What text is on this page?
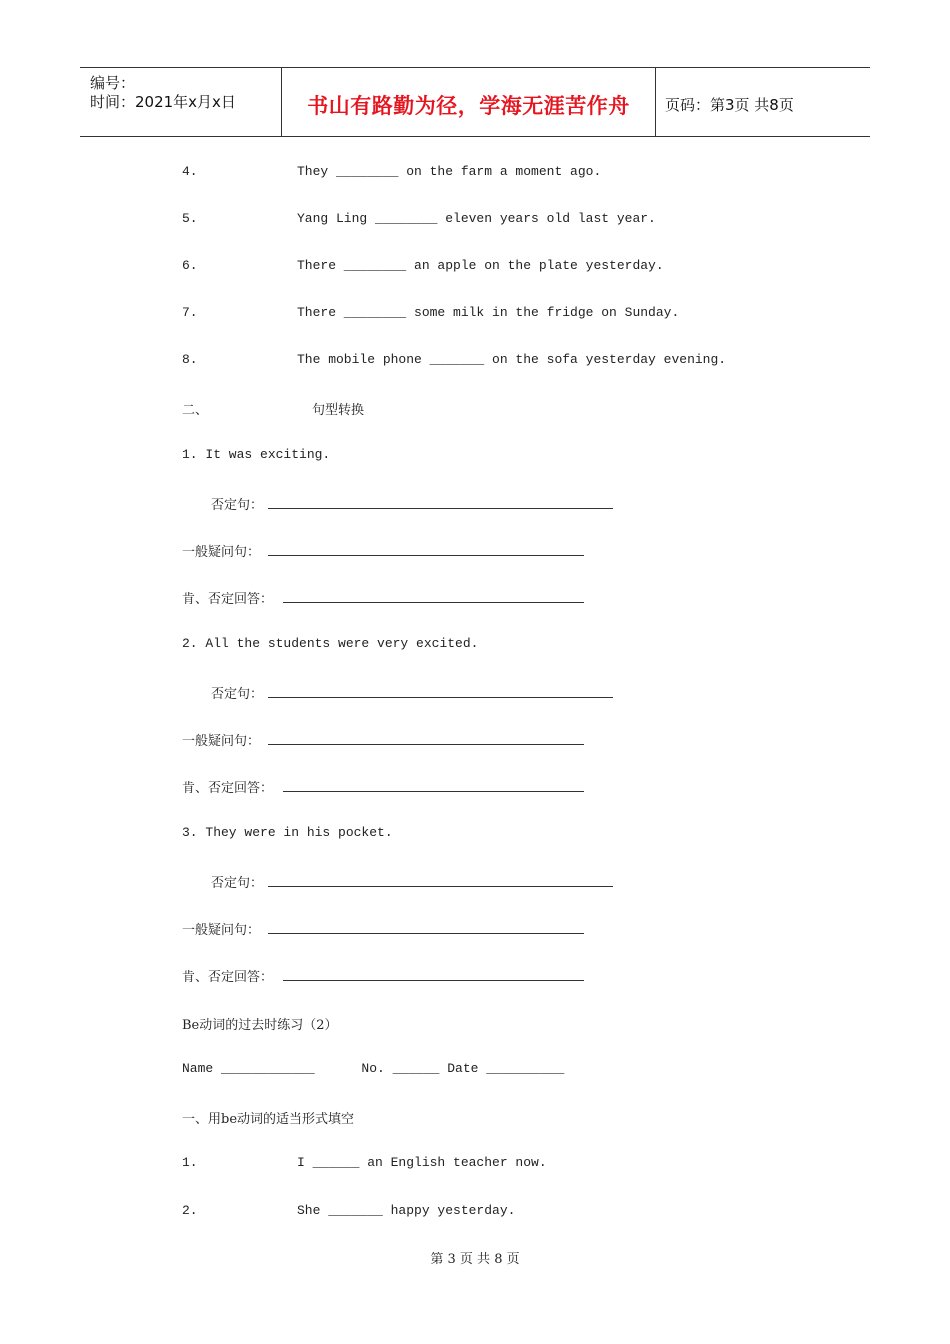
编号：
时间：2021年x月x日	书山有路勤为径，学海无涯苦作舟	页码：第3页 共8页
4.	They ________ on the farm a moment ago.
5.	Yang Ling ________ eleven years old last year.
6.	There ________ an apple on the plate yesterday.
7.	There ________ some milk in the fridge on Sunday.
8.	The mobile phone _______ on the sofa yesterday evening.
二、	句型转换
1. It was exciting.
否定句：
一般疑问句：
肯、否定回答：
2. All the students were very excited.
否定句：
一般疑问句：
肯、否定回答：
3. They were in his pocket.
否定句：
一般疑问句：
肯、否定回答：
Be动词的过去时练习（2）
Name ____________      No. ______ Date __________
一、用be动词的适当形式填空
1.	I ______ an English teacher now.
2.	She _______ happy yesterday.
第 3 页 共 8 页
